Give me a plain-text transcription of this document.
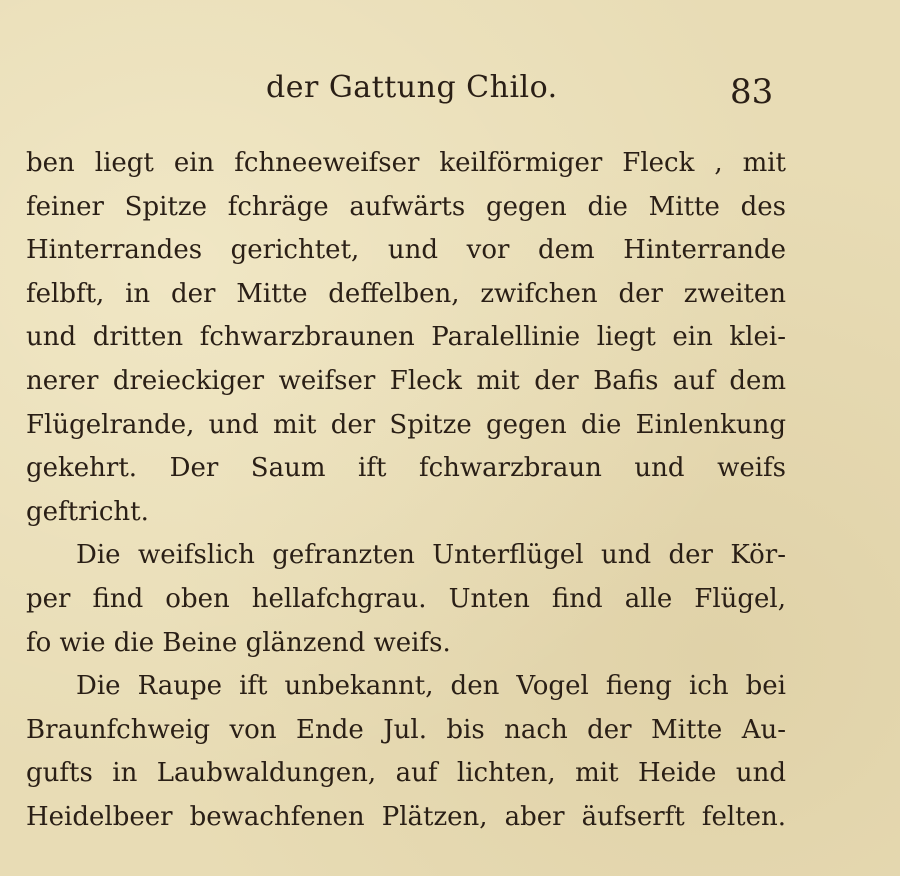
der Gattung Chilo.	83
ben liegt ein fchneeweifser keilförmiger Fleck , mit
feiner Spitze fchräge aufwärts gegen die Mitte des
Hinterrandes gerichtet, und vor dem Hinterrande
felbft, in der Mitte deffelben, zwifchen der zweiten
und dritten fchwarzbraunen Paralellinie liegt ein klei-
nerer dreieckiger weifser Fleck mit der Bafis auf dem
Flügelrande, und mit der Spitze gegen die Einlenkung
gekehrt. Der Saum ift fchwarzbraun und weifs
geftricht.
Die weifslich gefranzten Unterflügel und der Kör-
per find oben hellafchgrau. Unten find alle Flügel,
fo wie die Beine glänzend weifs.
Die Raupe ift unbekannt, den Vogel fieng ich bei
Braunfchweig von Ende Jul. bis nach der Mitte Au-
gufts in Laubwaldungen, auf lichten, mit Heide und
Heidelbeer bewachfenen Plätzen, aber äufserft felten.
